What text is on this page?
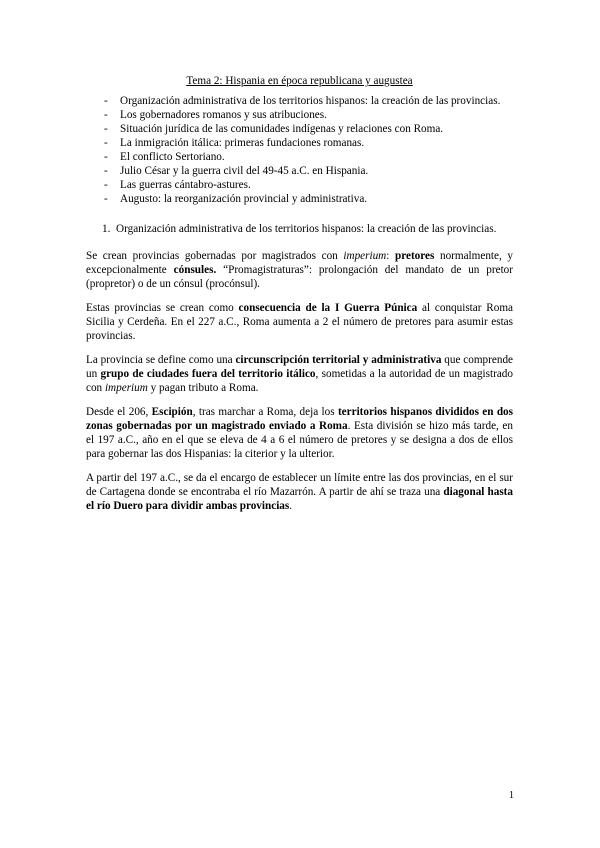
Tema 2: Hispania en época republicana y augustea
- Organización administrativa de los territorios hispanos: la creación de las provincias.
- Los gobernadores romanos y sus atribuciones.
- Situación jurídica de las comunidades indígenas y relaciones con Roma.
- La inmigración itálica: primeras fundaciones romanas.
- El conflicto Sertoriano.
- Julio César y la guerra civil del 49-45 a.C. en Hispania.
- Las guerras cántabro-astures.
- Augusto: la reorganización provincial y administrativa.
1. Organización administrativa de los territorios hispanos: la creación de las provincias.

Se crean provincias gobernadas por magistrados con imperium: pretores normalmente, y excepcionalmente cónsules. “Promagistraturas”: prolongación del mandato de un pretor (propretor) o de un cónsul (procónsul).

Estas provincias se crean como consecuencia de la I Guerra Púnica al conquistar Roma Sicilia y Cerdeña. En el 227 a.C., Roma aumenta a 2 el número de pretores para asumir estas provincias.

La provincia se define como una circunscripción territorial y administrativa que comprende un grupo de ciudades fuera del territorio itálico, sometidas a la autoridad de un magistrado con imperium y pagan tributo a Roma.

Desde el 206, Escipión, tras marchar a Roma, deja los territorios hispanos divididos en dos zonas gobernadas por un magistrado enviado a Roma. Esta división se hizo más tarde, en el 197 a.C., año en el que se eleva de 4 a 6 el número de pretores y se designa a dos de ellos para gobernar las dos Hispanias: la citerior y la ulterior.

A partir del 197 a.C., se da el encargo de establecer un límite entre las dos provincias, en el sur de Cartagena donde se encontraba el río Mazarrón. A partir de ahí se traza una diagonal hasta el río Duero para dividir ambas provincias.

1
